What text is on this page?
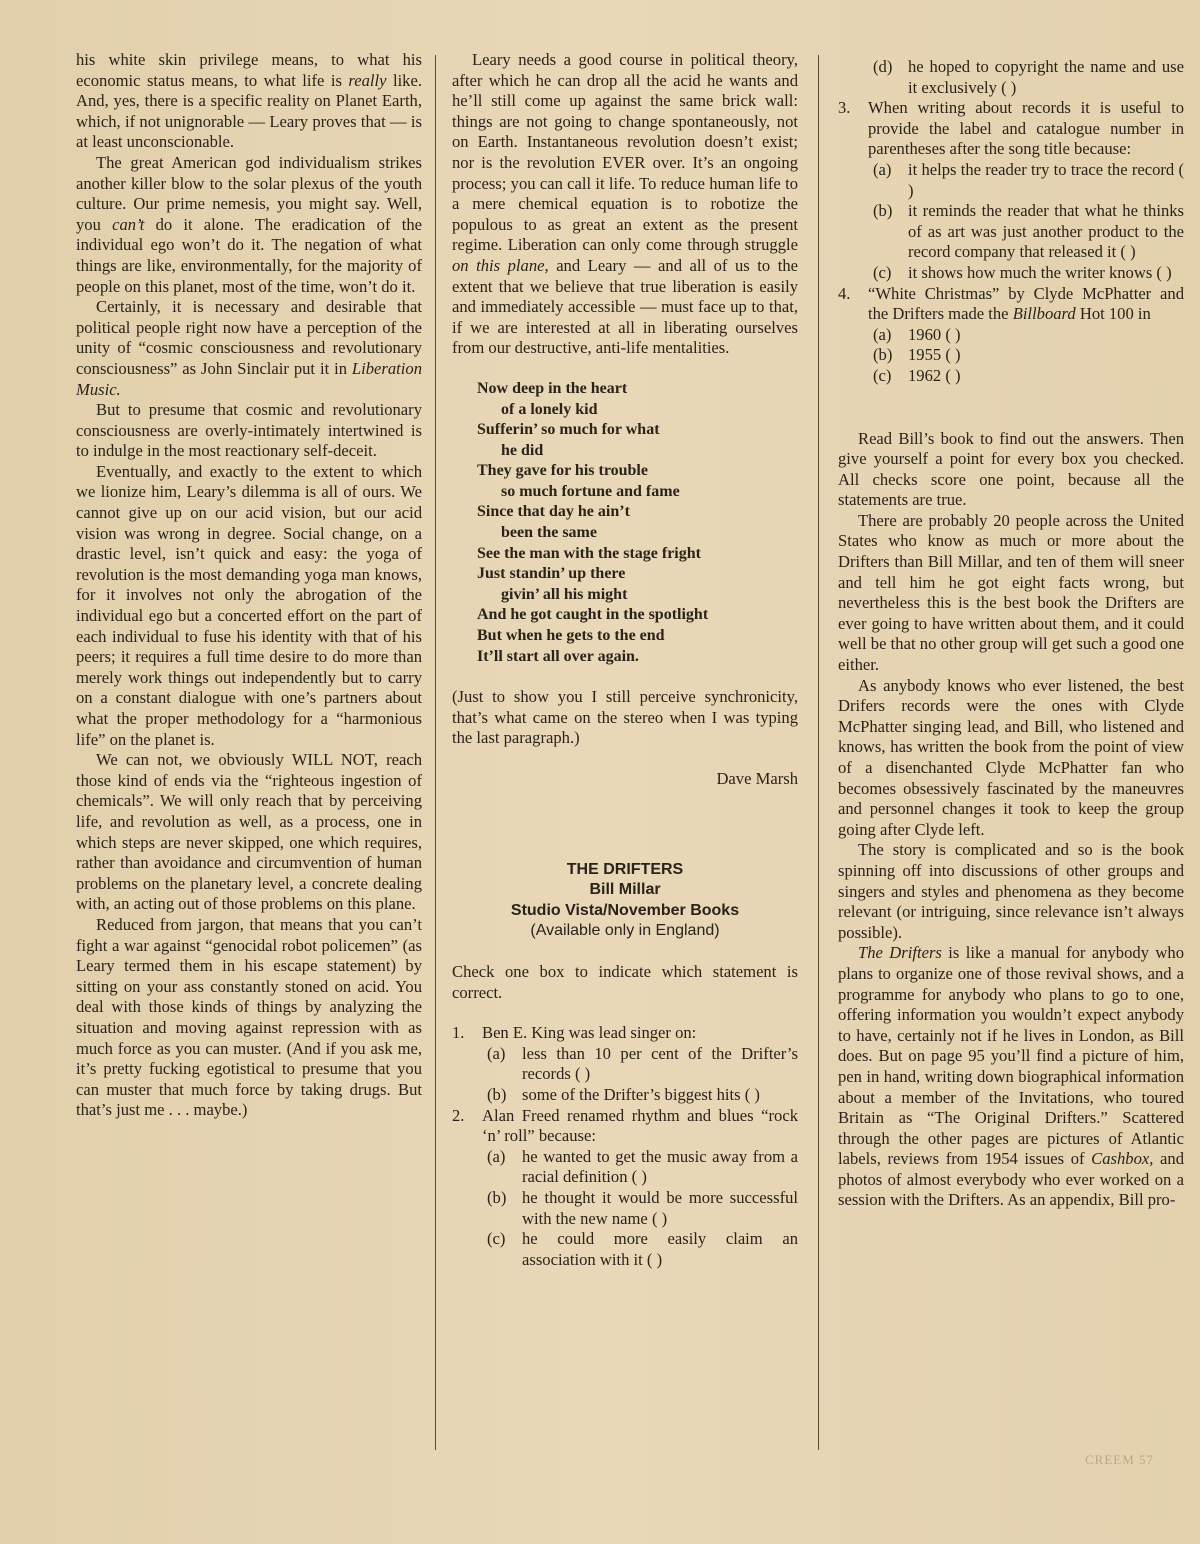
his white skin privilege means, to what his economic status means, to what life is really like. And, yes, there is a specific reality on Planet Earth, which, if not unignorable — Leary proves that — is at least unconscionable.

The great American god individualism strikes another killer blow to the solar plexus of the youth culture. Our prime nemesis, you might say. Well, you can’t do it alone. The eradication of the individual ego won’t do it. The negation of what things are like, environmentally, for the majority of people on this planet, most of the time, won’t do it.

Certainly, it is necessary and desirable that political people right now have a perception of the unity of “cosmic consciousness and revolutionary consciousness” as John Sinclair put it in Liberation Music.

But to presume that cosmic and revolutionary consciousness are overly-intimately intertwined is to indulge in the most reactionary self-deceit.

Eventually, and exactly to the extent to which we lionize him, Leary’s dilemma is all of ours. We cannot give up on our acid vision, but our acid vision was wrong in degree. Social change, on a drastic level, isn’t quick and easy: the yoga of revolution is the most demanding yoga man knows, for it involves not only the abrogation of the individual ego but a concerted effort on the part of each individual to fuse his identity with that of his peers; it requires a full time desire to do more than merely work things out independently but to carry on a constant dialogue with one’s partners about what the proper methodology for a “harmonious life” on the planet is.

We can not, we obviously WILL NOT, reach those kind of ends via the “righteous ingestion of chemicals”. We will only reach that by perceiving life, and revolution as well, as a process, one in which steps are never skipped, one which requires, rather than avoidance and circumvention of human problems on the planetary level, a concrete dealing with, an acting out of those problems on this plane.

Reduced from jargon, that means that you can’t fight a war against “genocidal robot policemen” (as Leary termed them in his escape statement) by sitting on your ass constantly stoned on acid. You deal with those kinds of things by analyzing the situation and moving against repression with as much force as you can muster. (And if you ask me, it’s pretty fucking egotistical to presume that you can muster that much force by taking drugs. But that’s just me . . . maybe.)

Leary needs a good course in political theory, after which he can drop all the acid he wants and he’ll still come up against the same brick wall: things are not going to change spontaneously, not on Earth. Instantaneous revolution doesn’t exist; nor is the revolution EVER over. It’s an ongoing process; you can call it life. To reduce human life to a mere chemical equation is to robotize the populous to as great an extent as the present regime. Liberation can only come through struggle on this plane, and Leary — and all of us to the extent that we believe that true liberation is easily and immediately accessible — must face up to that, if we are interested at all in liberating ourselves from our destructive, anti-life mentalities.

Now deep in the heart
of a lonely kid
Sufferin’ so much for what
he did
They gave for his trouble
so much fortune and fame
Since that day he ain’t
been the same
See the man with the stage fright
Just standin’ up there
givin’ all his might
And he got caught in the spotlight
But when he gets to the end
It’ll start all over again.

(Just to show you I still perceive synchronicity, that’s what came on the stereo when I was typing the last paragraph.)

Dave Marsh
THE DRIFTERS
Bill Millar
Studio Vista/November Books
(Available only in England)

Check one box to indicate which statement is correct.

1.	Ben E. King was lead singer on:
(a) less than 10 per cent of the Drifter’s records ( )
(b) some of the Drifter’s biggest hits ( )
2.	Alan Freed renamed rhythm and blues “rock ‘n’ roll” because:
(a) he wanted to get the music away from a racial definition ( )
(b) he thought it would be more successful with the new name ( )
(c) he could more easily claim an association with it ( )
(d) he hoped to copyright the name and use it exclusively ( )
3.	When writing about records it is useful to provide the label and catalogue number in parentheses after the song title because:
(a) it helps the reader try to trace the record ( )
(b) it reminds the reader that what he thinks of as art was just another product to the record company that released it ( )
(c) it shows how much the writer knows ( )
4.	“White Christmas” by Clyde McPhatter and the Drifters made the Billboard Hot 100 in
(a) 1960 ( )
(b) 1955 ( )
(c) 1962 ( )

Read Bill’s book to find out the answers. Then give yourself a point for every box you checked. All checks score one point, because all the statements are true.

There are probably 20 people across the United States who know as much or more about the Drifters than Bill Millar, and ten of them will sneer and tell him he got eight facts wrong, but nevertheless this is the best book the Drifters are ever going to have written about them, and it could well be that no other group will get such a good one either.

As anybody knows who ever listened, the best Drifers records were the ones with Clyde McPhatter singing lead, and Bill, who listened and knows, has written the book from the point of view of a disenchanted Clyde McPhatter fan who becomes obsessively fascinated by the maneuvres and personnel changes it took to keep the group going after Clyde left.

The story is complicated and so is the book spinning off into discussions of other groups and singers and styles and phenomena as they become relevant (or intriguing, since relevance isn’t always possible).

The Drifters is like a manual for anybody who plans to organize one of those revival shows, and a programme for anybody who plans to go to one, offering information you wouldn’t expect anybody to have, certainly not if he lives in London, as Bill does. But on page 95 you’ll find a picture of him, pen in hand, writing down biographical information about a member of the Invitations, who toured Britain as “The Original Drifters.” Scattered through the other pages are pictures of Atlantic labels, reviews from 1954 issues of Cashbox, and photos of almost everybody who ever worked on a session with the Drifters. As an appendix, Bill pro-

CREEM 57
